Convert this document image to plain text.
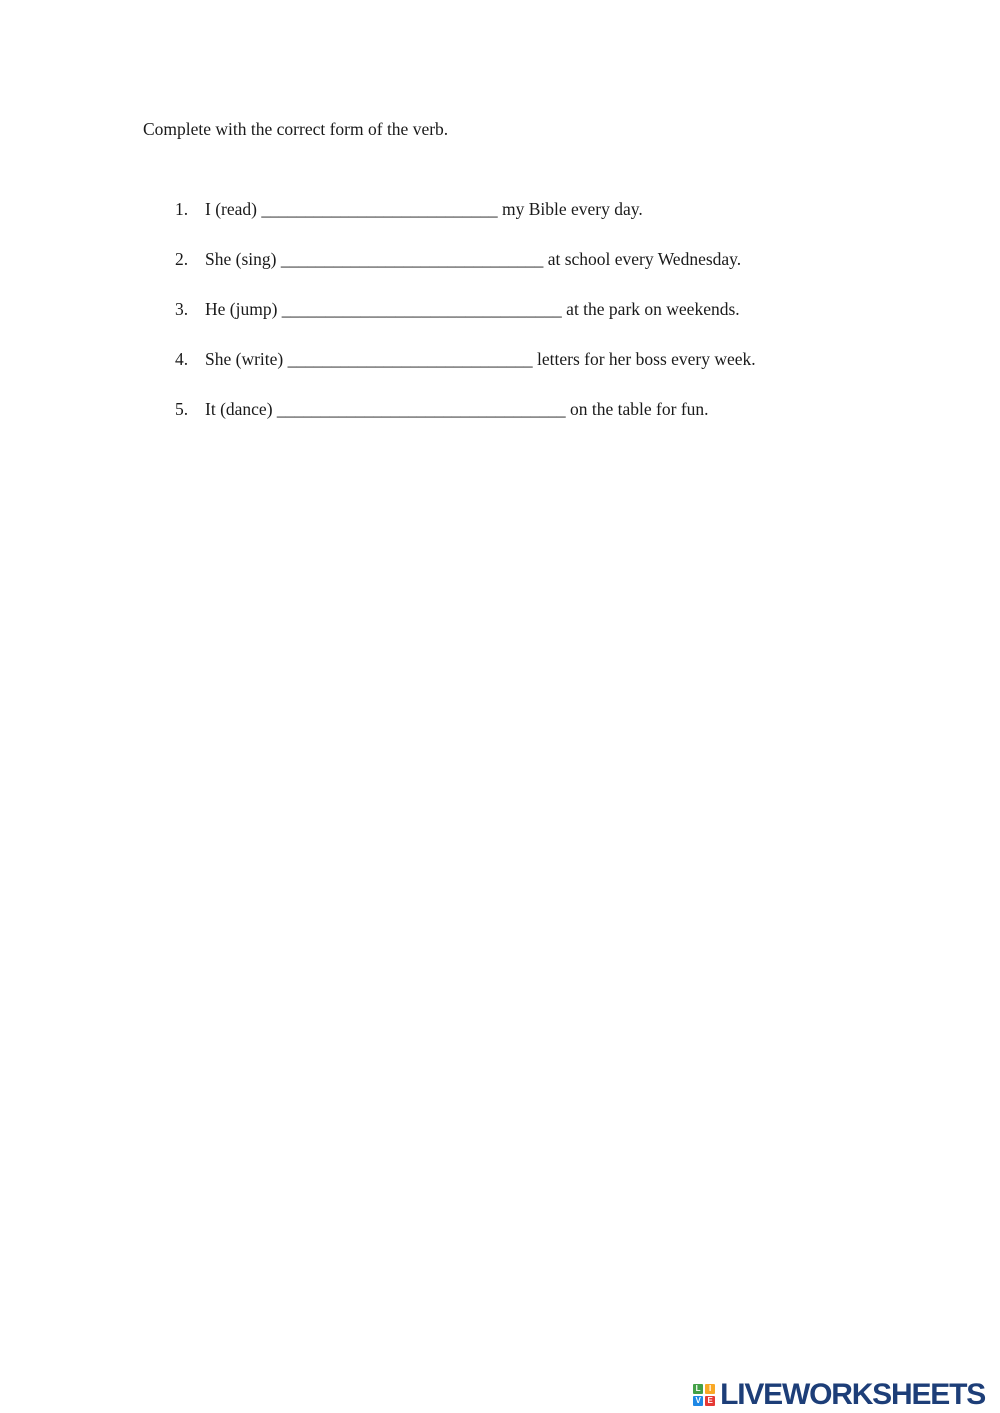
Complete with the correct form of the verb.
1. I (read) ___________________________ my Bible every day.
2. She (sing) ______________________________ at school every Wednesday.
3. He (jump) ________________________________ at the park on weekends.
4. She (write) ____________________________ letters for her boss every week.
5. It (dance) _________________________________ on the table for fun.
L	I
V E LIVEWORKSHEETS
